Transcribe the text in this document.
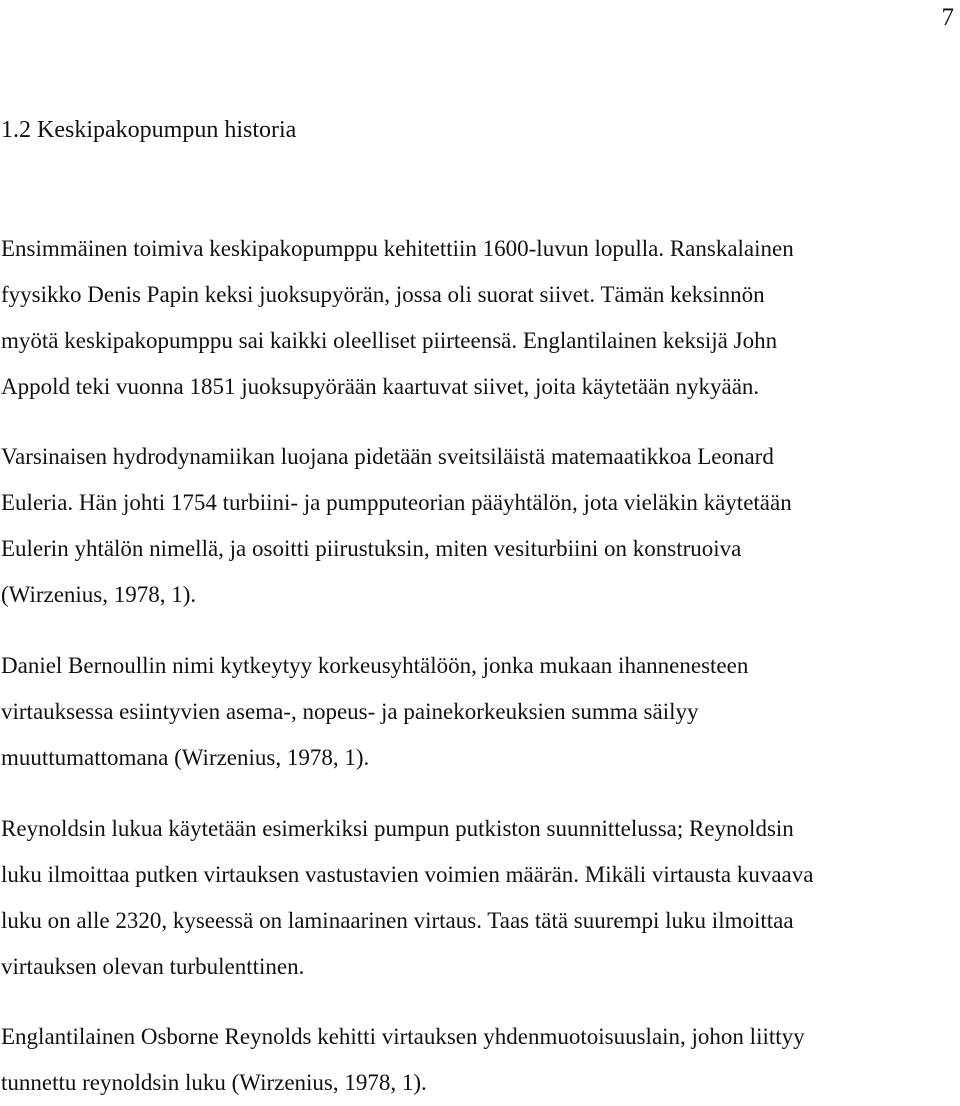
7
1.2 Keskipakopumpun historia
Ensimmäinen toimiva keskipakopumppu kehitettiin 1600-luvun lopulla. Ranskalainen
fyysikko Denis Papin keksi juoksupyörän, jossa oli suorat siivet. Tämän keksinnön
myötä keskipakopumppu sai kaikki oleelliset piirteensä. Englantilainen keksijä John
Appold teki vuonna 1851 juoksupyörään kaartuvat siivet, joita käytetään nykyään.
Varsinaisen hydrodynamiikan luojana pidetään sveitsiläistä matemaatikkoa Leonard
Euleria. Hän johti 1754 turbiini- ja pumpputeorian pääyhtälön, jota vieläkin käytetään
Eulerin yhtälön nimellä, ja osoitti piirustuksin, miten vesiturbiini on konstruoiva
(Wirzenius, 1978, 1).
Daniel Bernoullin nimi kytkeytyy korkeusyhtälöön, jonka mukaan ihannenesteen
virtauksessa esiintyvien asema-, nopeus- ja painekorkeuksien summa säilyy
muuttumattomana (Wirzenius, 1978, 1).
Reynoldsin lukua käytetään esimerkiksi pumpun putkiston suunnittelussa; Reynoldsin
luku ilmoittaa putken virtauksen vastustavien voimien määrän. Mikäli virtausta kuvaava
luku on alle 2320, kyseessä on laminaarinen virtaus. Taas tätä suurempi luku ilmoittaa
virtauksen olevan turbulenttinen.
Englantilainen Osborne Reynolds kehitti virtauksen yhdenmuotoisuuslain, johon liittyy
tunnettu reynoldsin luku (Wirzenius, 1978, 1).
